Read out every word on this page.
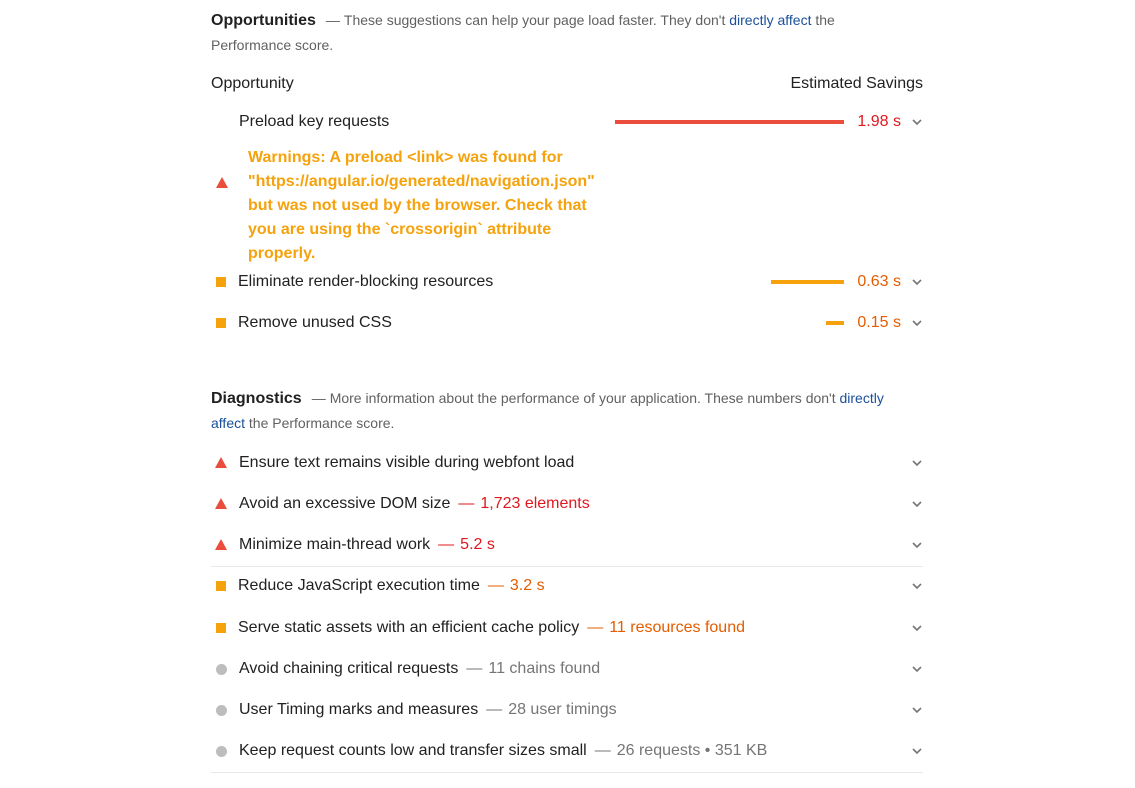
Opportunities — These suggestions can help your page load faster. They don't directly affect the Performance score.
Opportunity	Estimated Savings
Preload key requests	1.98 s
Warnings: A preload <link> was found for "https://angular.io/generated/navigation.json" but was not used by the browser. Check that you are using the `crossorigin` attribute properly.
Eliminate render-blocking resources	0.63 s
Remove unused CSS	0.15 s
Diagnostics — More information about the performance of your application. These numbers don't directly affect the Performance score.
Ensure text remains visible during webfont load
Avoid an excessive DOM size — 1,723 elements
Minimize main-thread work — 5.2 s
Reduce JavaScript execution time — 3.2 s
Serve static assets with an efficient cache policy — 11 resources found
Avoid chaining critical requests — 11 chains found
User Timing marks and measures — 28 user timings
Keep request counts low and transfer sizes small — 26 requests • 351 KB
